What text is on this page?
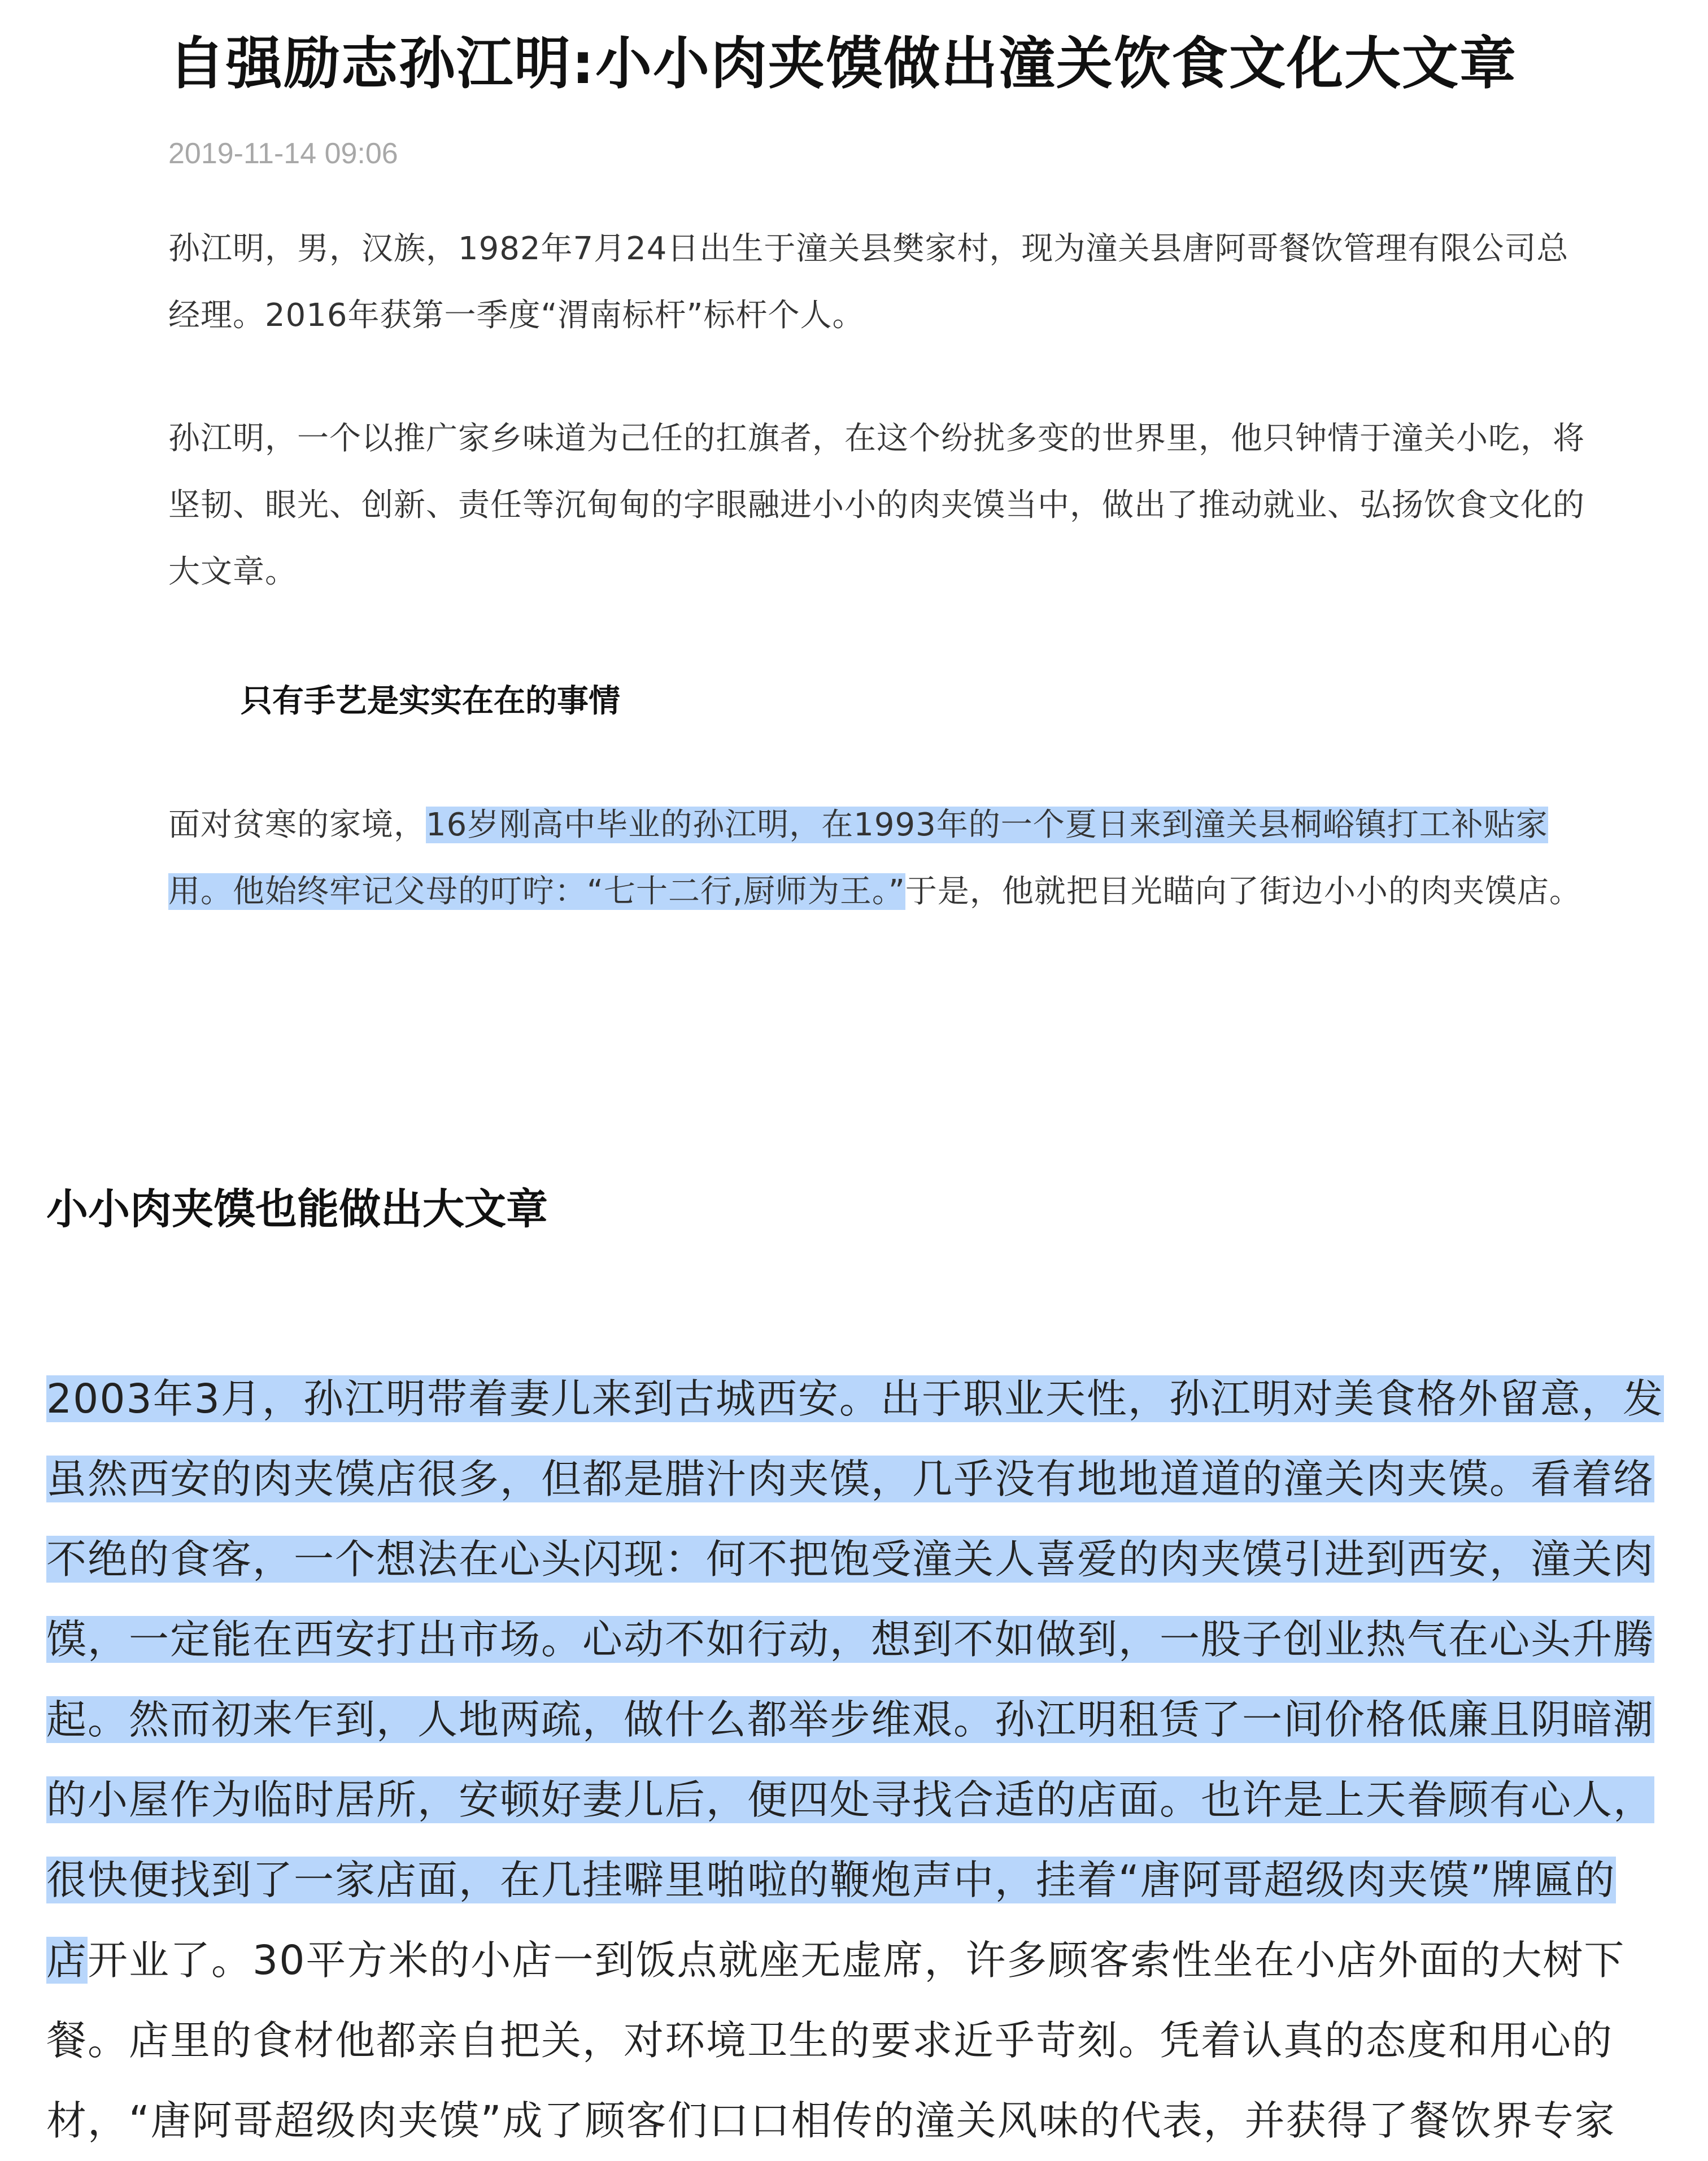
自强励志孙江明:小小肉夹馍做出潼关饮食文化大文章
2019-11-14 09:06

孙江明，男，汉族，1982年7月24日出生于潼关县樊家村，现为潼关县唐阿哥餐饮管理有限公司总经理。2016年获第一季度“渭南标杆”标杆个人。

孙江明，一个以推广家乡味道为己任的扛旗者，在这个纷扰多变的世界里，他只钟情于潼关小吃，将坚韧、眼光、创新、责任等沉甸甸的字眼融进小小的肉夹馍当中，做出了推动就业、弘扬饮食文化的大文章。

只有手艺是实实在在的事情

面对贫寒的家境，16岁刚高中毕业的孙江明，在1993年的一个夏日来到潼关县桐峪镇打工补贴家用。他始终牢记父母的叮咛：“七十二行,厨师为王。”于是，他就把目光瞄向了街边小小的肉夹馍店。

小小肉夹馍也能做出大文章
2003年3月，孙江明带着妻儿来到古城西安。出于职业天性，孙江明对美食格外留意，发
虽然西安的肉夹馍店很多，但都是腊汁肉夹馍，几乎没有地地道道的潼关肉夹馍。看着络
不绝的食客，一个想法在心头闪现：何不把饱受潼关人喜爱的肉夹馍引进到西安，潼关肉
馍，一定能在西安打出市场。心动不如行动，想到不如做到，一股子创业热气在心头升腾
起。然而初来乍到，人地两疏，做什么都举步维艰。孙江明租赁了一间价格低廉且阴暗潮
的小屋作为临时居所，安顿好妻儿后，便四处寻找合适的店面。也许是上天眷顾有心人，
很快便找到了一家店面，在几挂噼里啪啦的鞭炮声中，挂着“唐阿哥超级肉夹馍”牌匾的
店开业了。30平方米的小店一到饭点就座无虚席，许多顾客索性坐在小店外面的大树下
餐。店里的食材他都亲自把关，对环境卫生的要求近乎苛刻。凭着认真的态度和用心的
材，“唐阿哥超级肉夹馍”成了顾客们口口相传的潼关风味的代表，并获得了餐饮界专家
